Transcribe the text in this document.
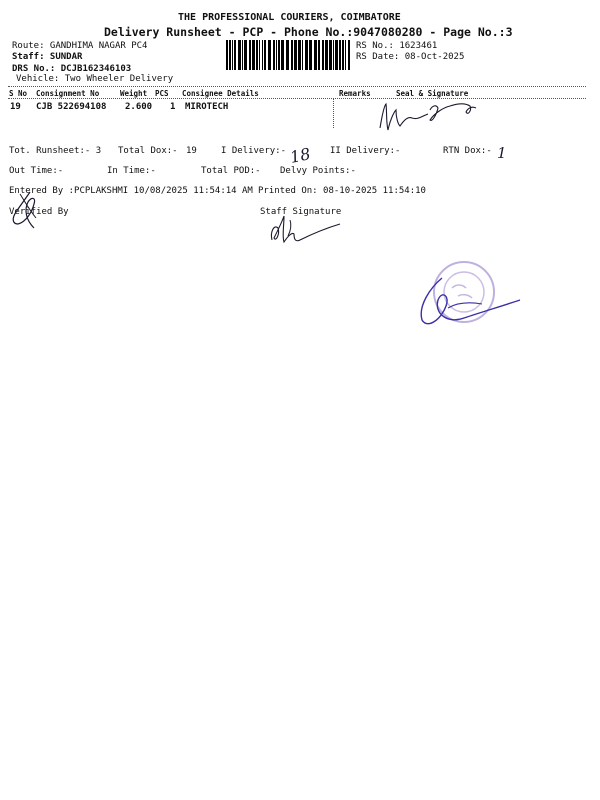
THE PROFESSIONAL COURIERS, COIMBATORE
Delivery Runsheet - PCP - Phone No.:9047080280 - Page No.:3
Route: GANDHIMA NAGAR PC4
Staff: SUNDAR
DRS No.: DCJB162346103
Vehicle: Two Wheeler Delivery
RS No.: 1623461
RS Date: 08-Oct-2025
S No Consignment No	Weight PCS Consignee Details	Remarks	Seal & Signature
19 CJB 522694108 2.600 1 MIROTECH
Tot. Runsheet:- 3 Total Dox:- 19	I Delivery:-	II Delivery:-	RTN Dox:-
18	1
Out Time:-	In Time:-	Total POD:- Delvy Points:-
Entered By :PCPLAKSHMI 10/08/2025 11:54:14 AM Printed On: 08-10-2025 11:54:10
Verified By	Staff Signature
